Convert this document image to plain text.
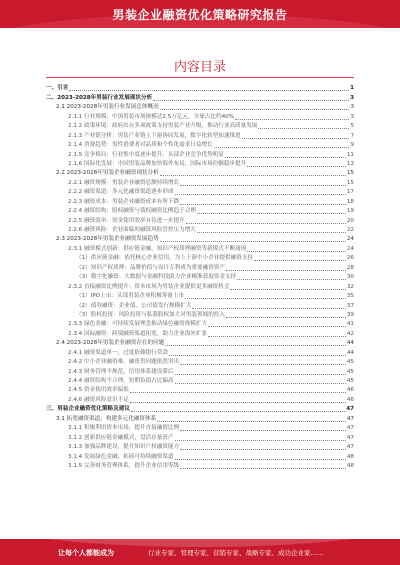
男装企业融资优化策略研究报告
内容目录
一、引言	1
二、2023-2028年男装行业发展现状分析	3
2.1 2023-2028年男装行业发展总体概况	3
2.1.1 行业规模：中国男装市场规模达2.5万亿元，全球占比约40%	3
2.1.2 政策环境：政府出台多项政策支持男装产业升级，推动行业高质量发展	5
2.1.3 产业链分析：男装产业链上下游协同发展，数字化转型加速推进	7
2.1.4 消费趋势：男性消费者对品质和个性化需求日益增长	9
2.1.5 竞争格局：行业集中度逐步提升，头部企业竞争优势明显	11
2.1.6 国际化发展：中国男装品牌加快海外布局，国际市场份额稳步提升	13
2.2 2023-2028年男装企业融资现状分析	15
2.2.1 融资规模：男装企业融资总额持续增长	15
2.2.2 融资渠道：多元化融资渠道逐步形成	17
2.2.3 融资成本：男装企业融资成本有所下降	18
2.2.4 融资结构：股权融资与债权融资比例趋于合理	19
2.2.5 融资效率：资金使用效率有待进一步提升	20
2.2.6 融资风险：企业面临的融资风险管控压力增大	22
2.3 2023-2028年男装企业融资发展趋势	24
2.3.1 融资模式创新：供应链金融、知识产权质押融资等新模式不断涌现	24
（1）供应链金融：依托核心企业信用，为上下游中小企业提供融资支持	26
（2）知识产权质押：品牌价值与设计专利成为重要融资资产	28
（3）数字化融资：大数据与金融科技助力企业精准获取资金支持	30
2.3.2 直接融资比例提升：资本市场为男装企业提供更多融资机会	32
（1）IPO上市：头部男装企业积极筹备上市	35
（2）债券融资：企业债、公司债发行规模扩大	37
（3）股权投资：风险投资与私募股权加大对男装领域的投入	39
2.3.3 绿色金融：可持续发展理念推动绿色融资规模扩大	41
2.3.4 国际融资：跨境融资渠道拓宽，助力企业海外扩张	42
2.4 2023-2028年男装企业融资存在的问题	44
2.4.1 融资渠道单一，过度依赖银行贷款	44
2.4.2 中小企业融资难、融资贵问题依然突出	45
2.4.3 财务管理不规范，信用体系建设滞后	45
2.4.4 融资结构不合理，短期负债占比偏高	45
2.4.5 资金使用效率偏低	46
2.4.6 融资风险意识不足	46
三、男装企业融资优化策略及建议	47
3.1 拓宽融资渠道，构建多元化融资体系	47
3.1.1 积极利用资本市场，提升直接融资比例	47
3.1.2 创新供应链金融模式，盘活存量资产	47
3.1.3 加强品牌建设，提升知识产权融资能力	47
3.1.4 发展绿色金融，拓展可持续融资渠道	48
3.1.5 完善财务管理体系，提升企业信用等级	48
让每个人都能成为	行业专家、管理专家、营销专家、战略专家、成功企业家……
